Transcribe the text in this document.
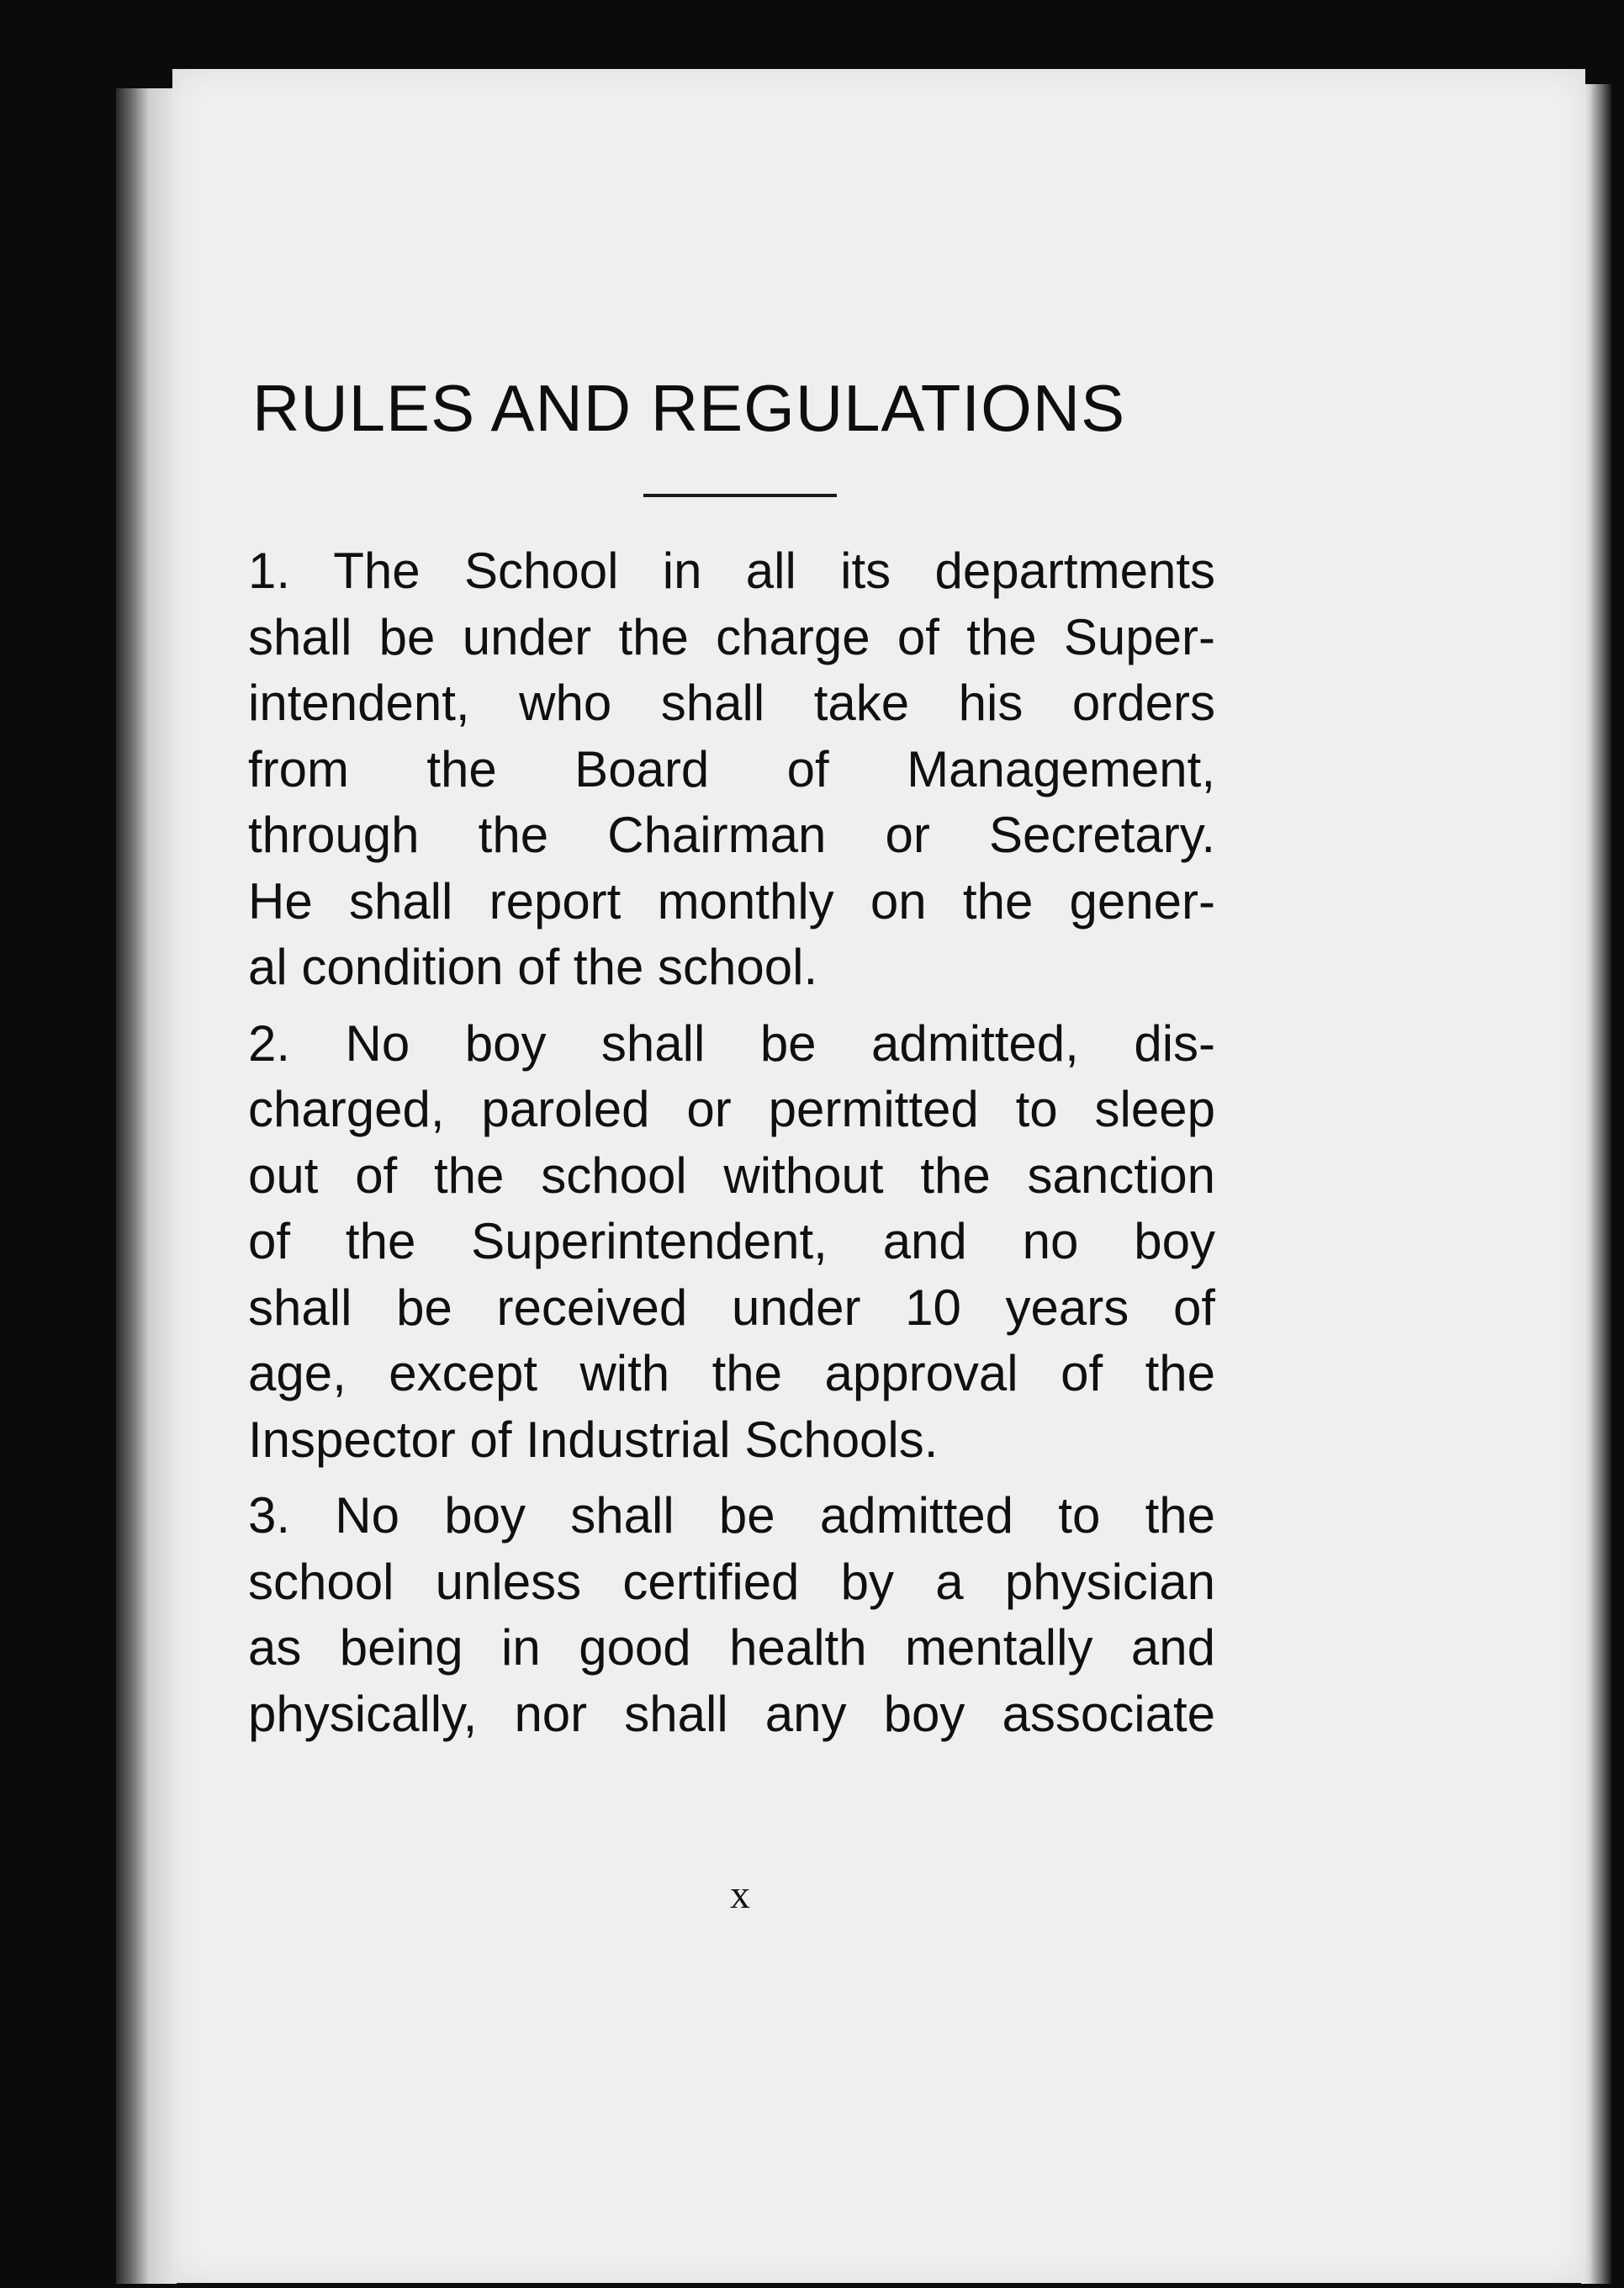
RULES AND REGULATIONS
1. The School in all its departments
shall be under the charge of the Super-
intendent, who shall take his orders
from the Board of Management,
through the Chairman or Secretary.
He shall report monthly on the gener-
al condition of the school.
2. No boy shall be admitted, dis-
charged, paroled or permitted to sleep
out of the school without the sanction
of the Superintendent, and no boy
shall be received under 10 years of
age, except with the approval of the
Inspector of Industrial Schools.
3. No boy shall be admitted to the
school unless certified by a physician
as being in good health mentally and
physically, nor shall any boy associate
x
